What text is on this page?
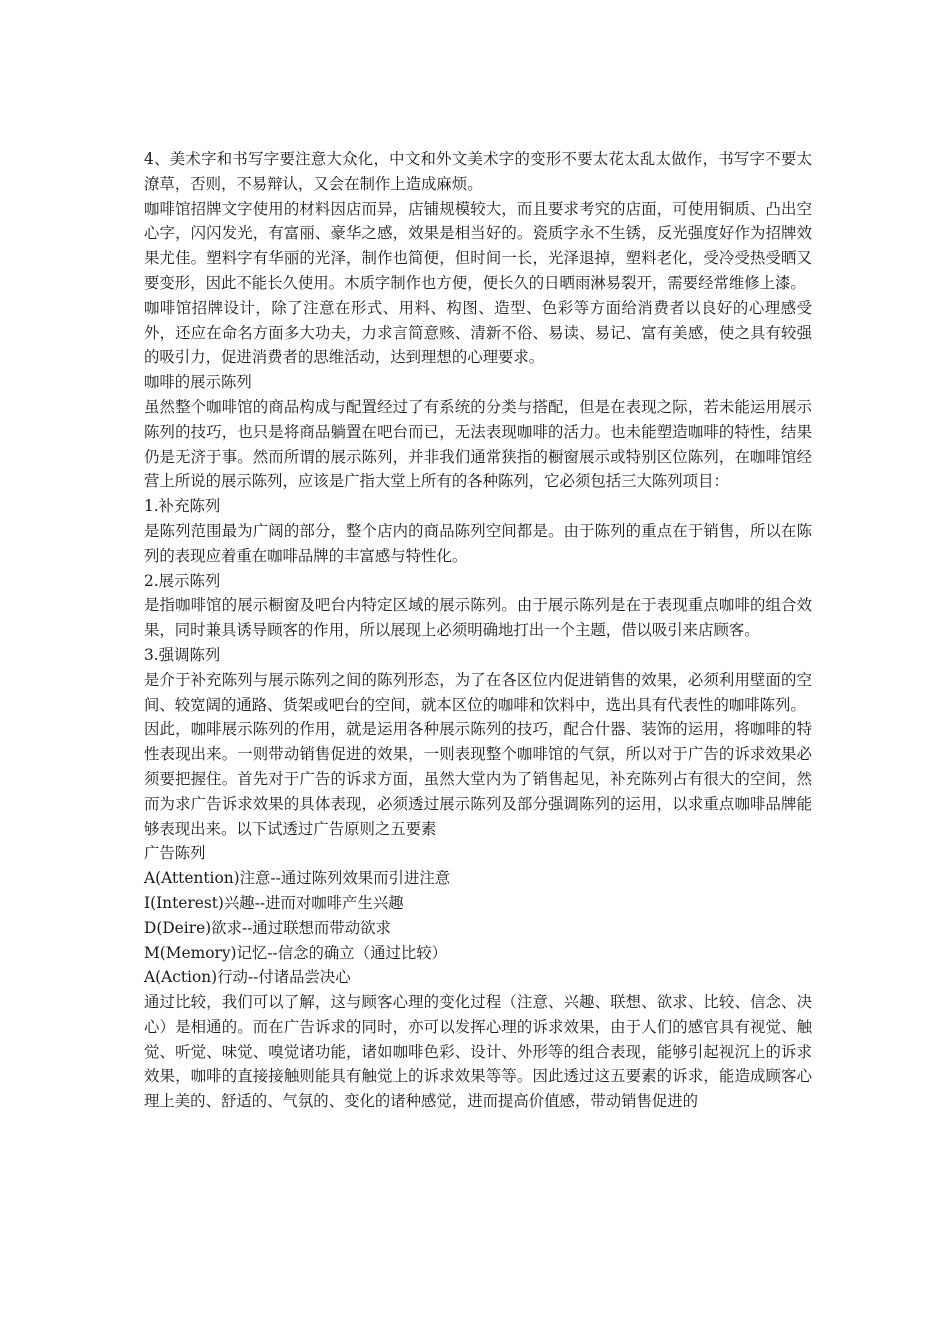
4、美术字和书写字要注意大众化，中文和外文美术字的变形不要太花太乱太做作，书写字不要太潦草，否则，不易辩认，又会在制作上造成麻烦。

咖啡馆招牌文字使用的材料因店而异，店铺规模较大，而且要求考究的店面，可使用铜质、凸出空心字，闪闪发光，有富丽、豪华之感，效果是相当好的。瓷质字永不生锈，反光强度好作为招牌效果尤佳。塑料字有华丽的光泽，制作也简便，但时间一长，光泽退掉，塑料老化，受冷受热受晒又要变形，因此不能长久使用。木质字制作也方便，便长久的日晒雨淋易裂开，需要经常维修上漆。

咖啡馆招牌设计，除了注意在形式、用料、构图、造型、色彩等方面给消费者以良好的心理感受外，还应在命名方面多大功夫，力求言简意赅、清新不俗、易读、易记、富有美感，使之具有较强的吸引力，促进消费者的思维活动，达到理想的心理要求。

咖啡的展示陈列

虽然整个咖啡馆的商品构成与配置经过了有系统的分类与搭配，但是在表现之际，若未能运用展示陈列的技巧，也只是将商品躺置在吧台而已，无法表现咖啡的活力。也未能塑造咖啡的特性，结果仍是无济于事。然而所谓的展示陈列，并非我们通常狭指的橱窗展示或特别区位陈列，在咖啡馆经营上所说的展示陈列，应该是广指大堂上所有的各种陈列，它必须包括三大陈列项目：

1.补充陈列

是陈列范围最为广阔的部分，整个店内的商品陈列空间都是。由于陈列的重点在于销售，所以在陈列的表现应着重在咖啡品牌的丰富感与特性化。

2.展示陈列

是指咖啡馆的展示橱窗及吧台内特定区域的展示陈列。由于展示陈列是在于表现重点咖啡的组合效果，同时兼具诱导顾客的作用，所以展现上必须明确地打出一个主题，借以吸引来店顾客。

3.强调陈列

是介于补充陈列与展示陈列之间的陈列形态，为了在各区位内促进销售的效果，必须利用壁面的空间、较宽阔的通路、货架或吧台的空间，就本区位的咖啡和饮料中，选出具有代表性的咖啡陈列。

因此，咖啡展示陈列的作用，就是运用各种展示陈列的技巧，配合什器、装饰的运用，将咖啡的特性表现出来。一则带动销售促进的效果，一则表现整个咖啡馆的气氛，所以对于广告的诉求效果必须要把握住。首先对于广告的诉求方面，虽然大堂内为了销售起见，补充陈列占有很大的空间，然而为求广告诉求效果的具体表现，必须透过展示陈列及部分强调陈列的运用，以求重点咖啡品牌能够表现出来。以下试透过广告原则之五要素

广告陈列

A(Attention)注意--通过陈列效果而引进注意

I(Interest)兴趣--进而对咖啡产生兴趣

D(Deire)欲求--通过联想而带动欲求

M(Memory)记忆--信念的确立（通过比较）

A(Action)行动--付诸品尝决心

通过比较，我们可以了解，这与顾客心理的变化过程（注意、兴趣、联想、欲求、比较、信念、决心）是相通的。而在广告诉求的同时，亦可以发挥心理的诉求效果，由于人们的感官具有视觉、触觉、听觉、味觉、嗅觉诸功能，诸如咖啡色彩、设计、外形等的组合表现，能够引起视沉上的诉求效果，咖啡的直接接触则能具有触觉上的诉求效果等等。因此透过这五要素的诉求，能造成顾客心理上美的、舒适的、气氛的、变化的诸种感觉，进而提高价值感，带动销售促进的
